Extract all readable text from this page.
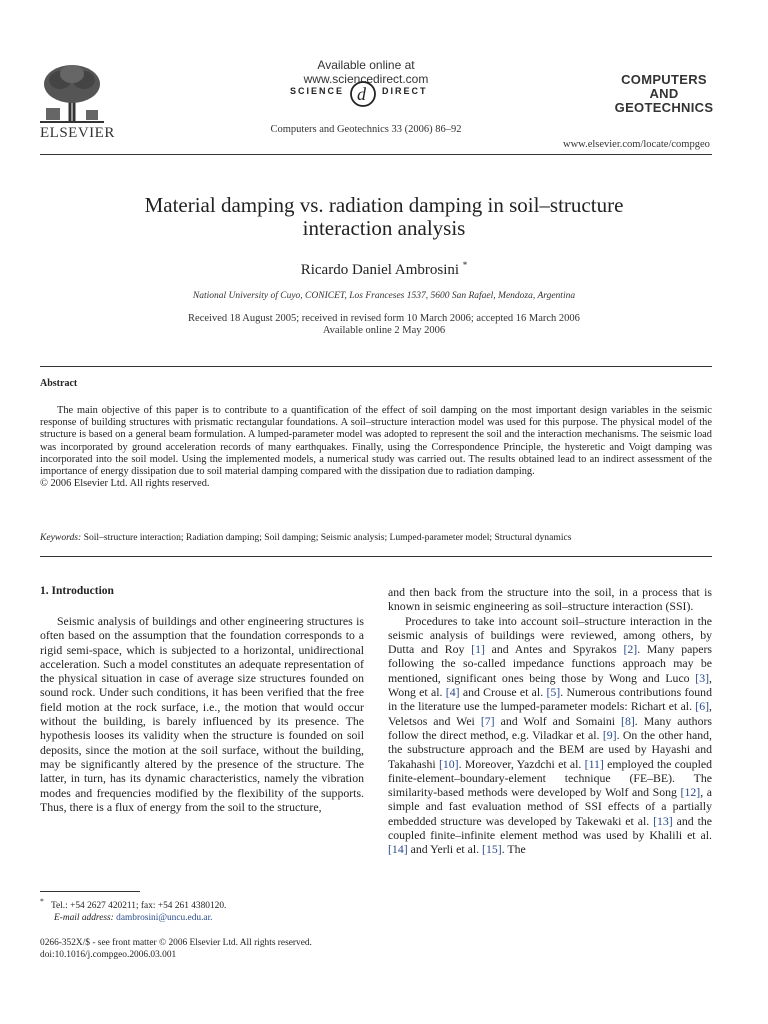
ELSEVIER
Available online at www.sciencedirect.com
SCIENCE d DIRECT
Computers and Geotechnics 33 (2006) 86–92
COMPUTERS
AND
GEOTECHNICS
www.elsevier.com/locate/compgeo
Material damping vs. radiation damping in soil–structure
interaction analysis
Ricardo Daniel Ambrosini *
National University of Cuyo, CONICET, Los Franceses 1537, 5600 San Rafael, Mendoza, Argentina
Received 18 August 2005; received in revised form 10 March 2006; accepted 16 March 2006
Available online 2 May 2006
Abstract

The main objective of this paper is to contribute to a quantification of the effect of soil damping on the most important design variables in the seismic response of building structures with prismatic rectangular foundations. A soil–structure interaction model was used for this purpose. The physical model of the structure is based on a general beam formulation. A lumped-parameter model was adopted to represent the soil and the interaction mechanisms. The seismic load was incorporated by ground acceleration records of many earthquakes. Finally, using the Correspondence Principle, the hysteretic and Voigt damping was incorporated into the soil model. Using the implemented models, a numerical study was carried out. The results obtained lead to an indirect assessment of the importance of energy dissipation due to soil material damping compared with the dissipation due to radiation damping.

© 2006 Elsevier Ltd. All rights reserved.

Keywords: Soil–structure interaction; Radiation damping; Soil damping; Seismic analysis; Lumped-parameter model; Structural dynamics
1. Introduction

Seismic analysis of buildings and other engineering structures is often based on the assumption that the foundation corresponds to a rigid semi-space, which is subjected to a horizontal, unidirectional acceleration. Such a model constitutes an adequate representation of the physical situation in case of average size structures founded on sound rock. Under such conditions, it has been verified that the free field motion at the rock surface, i.e., the motion that would occur without the building, is barely influenced by its presence. The hypothesis looses its validity when the structure is founded on soil deposits, since the motion at the soil surface, without the building, may be significantly altered by the presence of the structure. The latter, in turn, has its dynamic characteristics, namely the vibration modes and frequencies modified by the flexibility of the supports. Thus, there is a flux of energy from the soil to the structure,

and then back from the structure into the soil, in a process that is known in seismic engineering as soil–structure interaction (SSI).

Procedures to take into account soil–structure interaction in the seismic analysis of buildings were reviewed, among others, by Dutta and Roy [1] and Antes and Spyrakos [2]. Many papers following the so-called impedance functions approach may be mentioned, significant ones being those by Wong and Luco [3], Wong et al. [4] and Crouse et al. [5]. Numerous contributions found in the literature use the lumped-parameter models: Richart et al. [6], Veletsos and Wei [7] and Wolf and Somaini [8]. Many authors follow the direct method, e.g. Viladkar et al. [9]. On the other hand, the substructure approach and the BEM are used by Hayashi and Takahashi [10]. Moreover, Yazdchi et al. [11] employed the coupled finite-element–boundary-element technique (FE–BE). The similarity-based methods were developed by Wolf and Song [12], a simple and fast evaluation method of SSI effects of a partially embedded structure was developed by Takewaki et al. [13] and the coupled finite–infinite element method was used by Khalili et al. [14] and Yerli et al. [15]. The

* Tel.: +54 2627 420211; fax: +54 261 4380120.
E-mail address: dambrosini@uncu.edu.ar.
0266-352X/$ - see front matter © 2006 Elsevier Ltd. All rights reserved.
doi:10.1016/j.compgeo.2006.03.001
